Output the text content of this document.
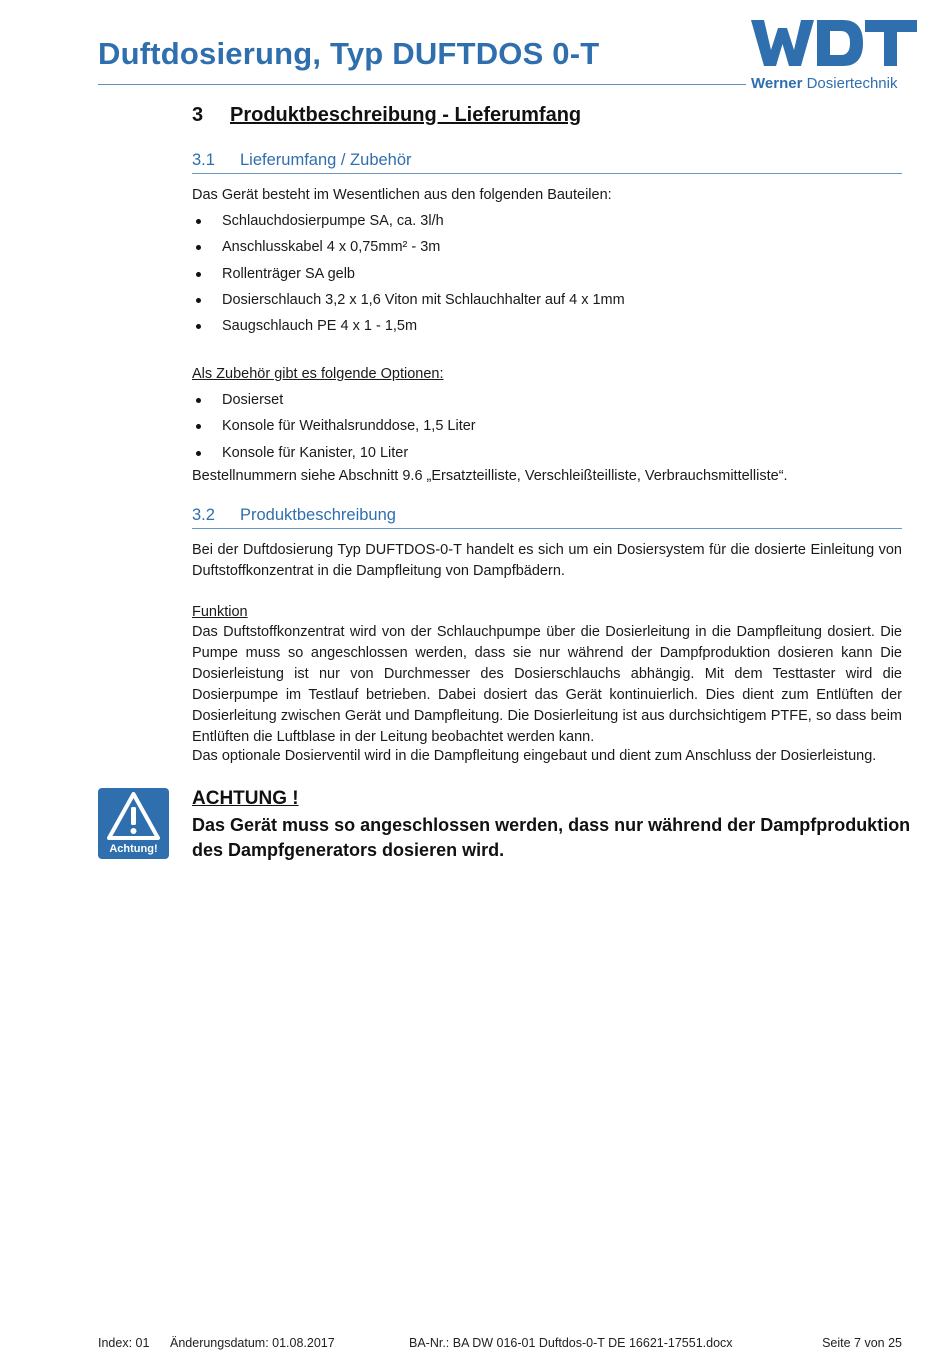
Duftdosierung, Typ DUFTDOS 0-T
Werner Dosiertechnik
3 Produktbeschreibung - Lieferumfang
3.1 Lieferumfang / Zubehör
Das Gerät besteht im Wesentlichen aus den folgenden Bauteilen:
Schlauchdosierpumpe SA, ca. 3l/h
Anschlusskabel 4 x 0,75mm² - 3m
Rollenträger SA gelb
Dosierschlauch 3,2 x 1,6 Viton mit Schlauchhalter auf 4 x 1mm
Saugschlauch PE 4 x 1 - 1,5m
Als Zubehör gibt es folgende Optionen:
Dosierset
Konsole für Weithalsrunddose, 1,5 Liter
Konsole für Kanister, 10 Liter
Bestellnummern siehe Abschnitt 9.6 „Ersatzteilliste, Verschleißteilliste, Verbrauchsmittelliste“.
3.2 Produktbeschreibung
Bei der Duftdosierung Typ DUFTDOS-0-T handelt es sich um ein Dosiersystem für die dosierte Einleitung von Duftstoffkonzentrat in die Dampfleitung von Dampfbädern.
Funktion
Das Duftstoffkonzentrat wird von der Schlauchpumpe über die Dosierleitung in die Dampfleitung dosiert. Die Pumpe muss so angeschlossen werden, dass sie nur während der Dampfproduktion dosieren kann Die Dosierleistung ist nur von Durchmesser des Dosierschlauchs abhängig. Mit dem Testtaster wird die Dosierpumpe im Testlauf betrieben. Dabei dosiert das Gerät kontinuierlich. Dies dient zum Entlüften der Dosierleitung zwischen Gerät und Dampfleitung. Die Dosierleitung ist aus durchsichtigem PTFE, so dass beim Entlüften die Luftblase in der Leitung beobachtet werden kann.
Das optionale Dosierventil wird in die Dampfleitung eingebaut und dient zum Anschluss der Dosierleistung.
Achtung!
ACHTUNG !
Das Gerät muss so angeschlossen werden, dass nur während der Dampfproduktion des Dampfgenerators dosieren wird.
Index: 01 Änderungsdatum: 01.08.2017	BA-Nr.: BA DW 016-01 Duftdos-0-T DE 16621-17551.docx	Seite 7 von 25
